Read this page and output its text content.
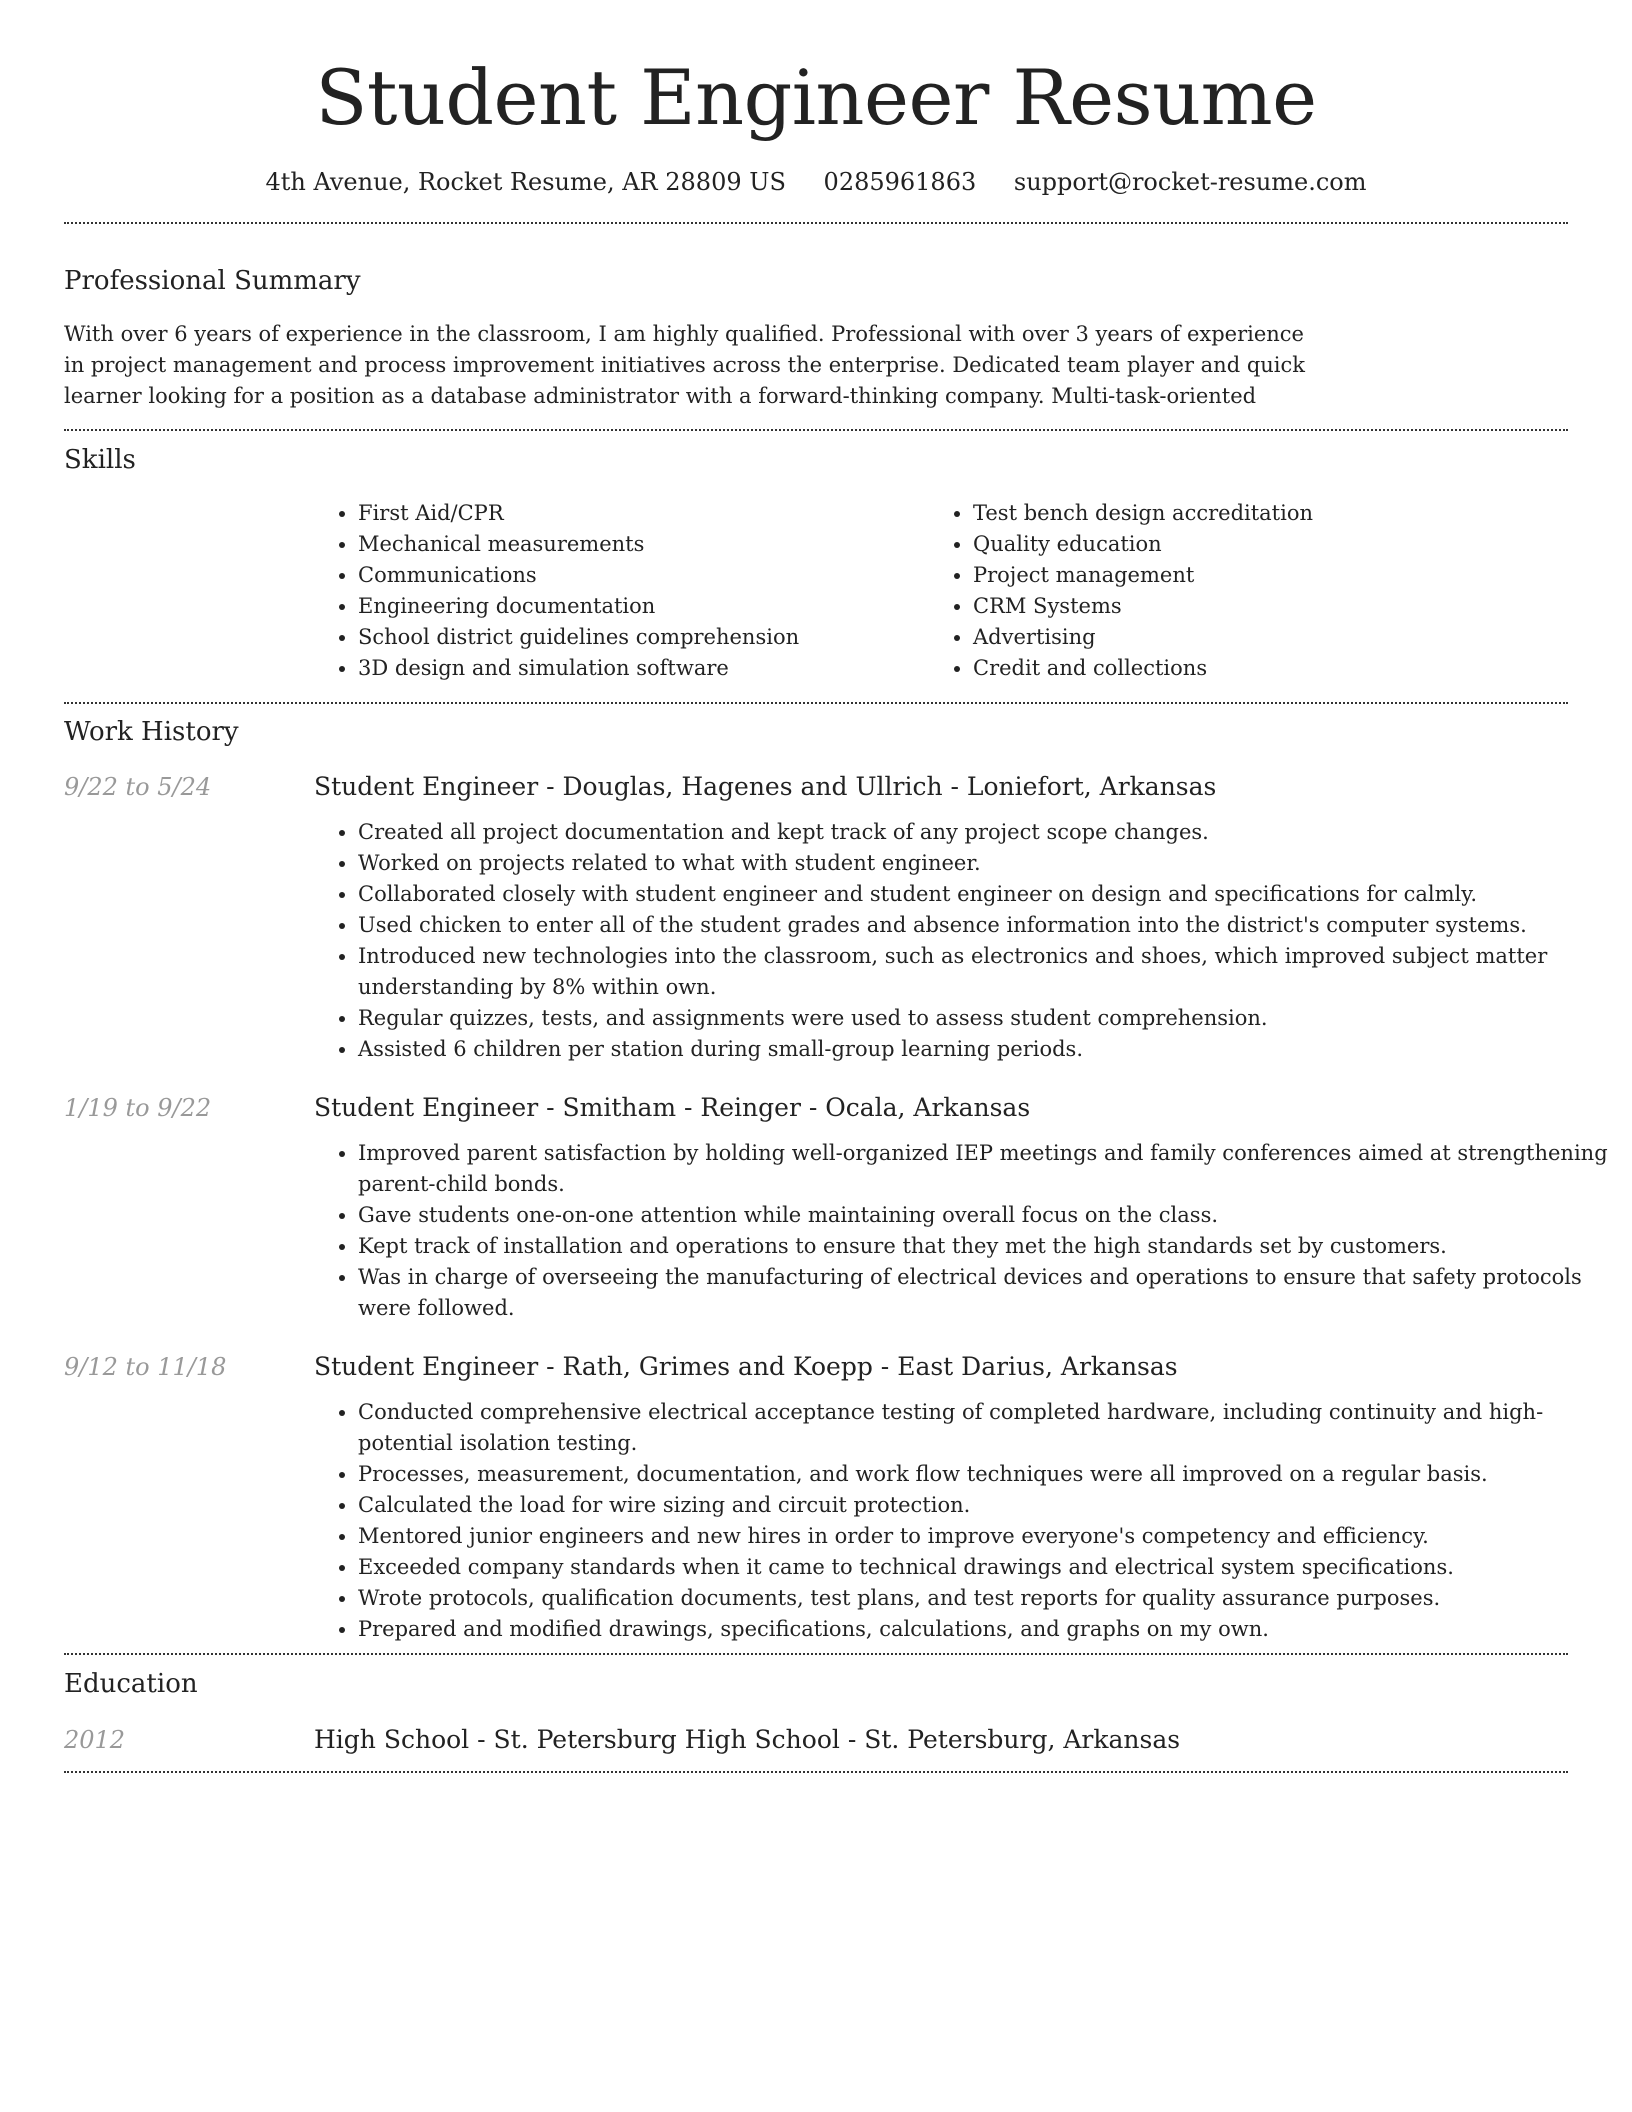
Student Engineer Resume
4th Avenue, Rocket Resume, AR 28809 US 0285961863 support@rocket-resume.com
Professional Summary

With over 6 years of experience in the classroom, I am highly qualified. Professional with over 3 years of experience in project management and process improvement initiatives across the enterprise. Dedicated team player and quick learner looking for a position as a database administrator with a forward-thinking company. Multi-task-oriented

Skills
• First Aid/CPR
• Mechanical measurements
• Communications
• Engineering documentation
• School district guidelines comprehension
• 3D design and simulation software
• Test bench design accreditation
• Quality education
• Project management
• CRM Systems
• Advertising
• Credit and collections
Work History
9/22 to 5/24	Student Engineer - Douglas, Hagenes and Ullrich - Loniefort, Arkansas
• Created all project documentation and kept track of any project scope changes.
• Worked on projects related to what with student engineer.
• Collaborated closely with student engineer and student engineer on design and specifications for calmly.
• Used chicken to enter all of the student grades and absence information into the district's computer systems.
• Introduced new technologies into the classroom, such as electronics and shoes, which improved subject matter understanding by 8% within own.
• Regular quizzes, tests, and assignments were used to assess student comprehension.
• Assisted 6 children per station during small-group learning periods.
1/19 to 9/22	Student Engineer - Smitham - Reinger - Ocala, Arkansas
• Improved parent satisfaction by holding well-organized IEP meetings and family conferences aimed at strengthening parent-child bonds.
• Gave students one-on-one attention while maintaining overall focus on the class.
• Kept track of installation and operations to ensure that they met the high standards set by customers.
• Was in charge of overseeing the manufacturing of electrical devices and operations to ensure that safety protocols were followed.
9/12 to 11/18	Student Engineer - Rath, Grimes and Koepp - East Darius, Arkansas
• Conducted comprehensive electrical acceptance testing of completed hardware, including continuity and high-potential isolation testing.
• Processes, measurement, documentation, and work flow techniques were all improved on a regular basis.
• Calculated the load for wire sizing and circuit protection.
• Mentored junior engineers and new hires in order to improve everyone's competency and efficiency.
• Exceeded company standards when it came to technical drawings and electrical system specifications.
• Wrote protocols, qualification documents, test plans, and test reports for quality assurance purposes.
• Prepared and modified drawings, specifications, calculations, and graphs on my own.
Education
2012	High School - St. Petersburg High School - St. Petersburg, Arkansas
